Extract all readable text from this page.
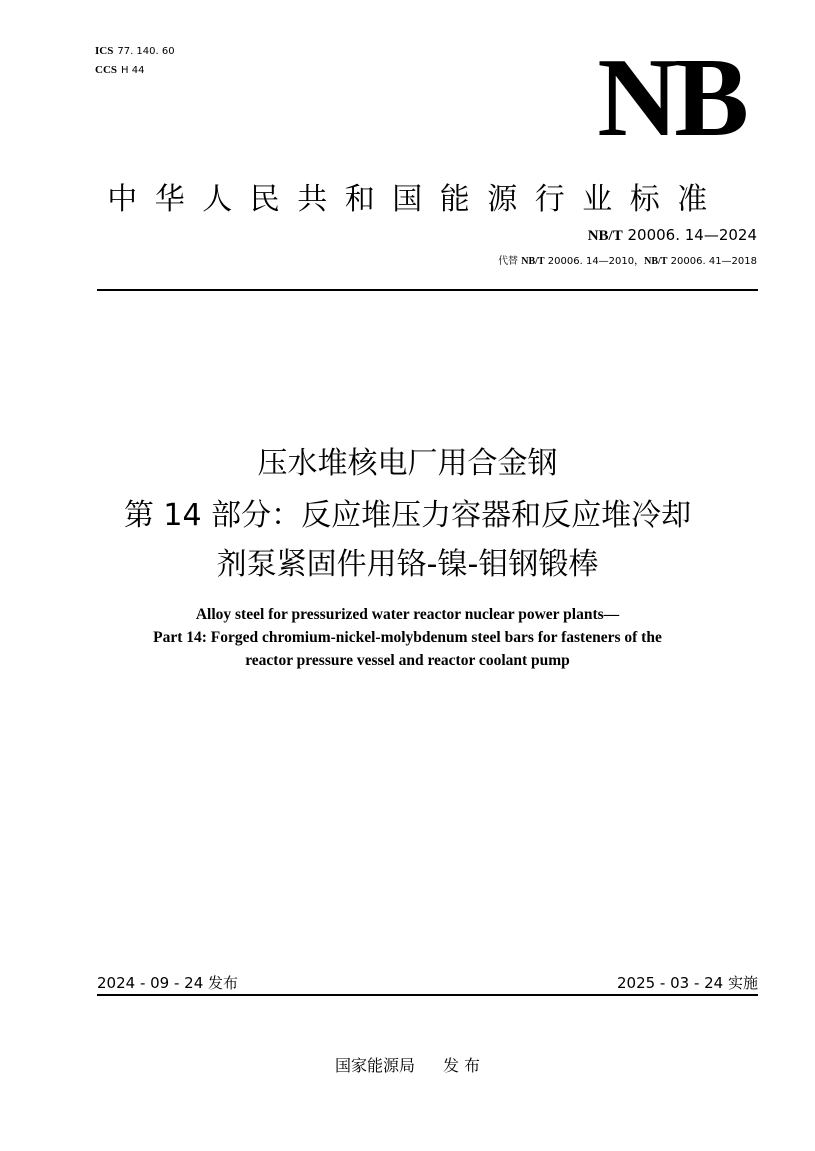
ICS 77. 140. 60
CCS H 44	NB
中华人民共和国能源行业标准
NB/T 20006. 14—2024
代替 NB/T 20006. 14—2010，NB/T 20006. 41—2018
压水堆核电厂用合金钢
第 14 部分：反应堆压力容器和反应堆冷却
剂泵紧固件用铬-镍-钼钢锻棒
Alloy steel for pressurized water reactor nuclear power plants—
Part 14: Forged chromium-nickel-molybdenum steel bars for fasteners of the
reactor pressure vessel and reactor coolant pump
2024 - 09 - 24 发布	2025 - 03 - 24 实施
国家能源局 发 布
